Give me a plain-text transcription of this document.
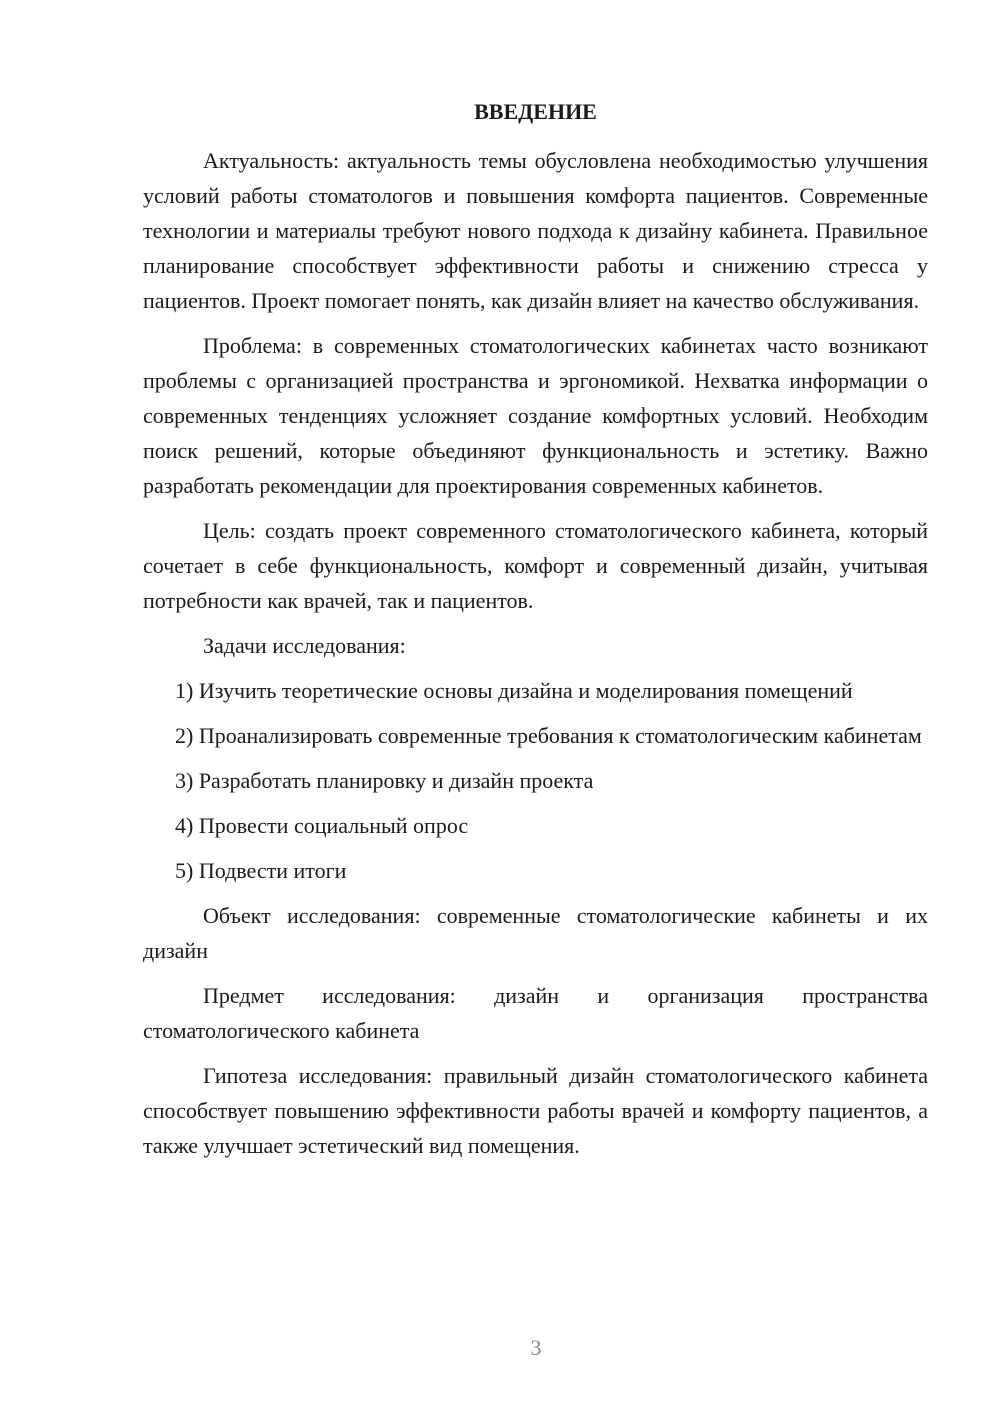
ВВЕДЕНИЕ

Актуальность: актуальность темы обусловлена необходимостью улучшения условий работы стоматологов и повышения комфорта пациентов. Современные технологии и материалы требуют нового подхода к дизайну кабинета. Правильное планирование способствует эффективности работы и снижению стресса у пациентов. Проект помогает понять, как дизайн влияет на качество обслуживания.

Проблема: в современных стоматологических кабинетах часто возникают проблемы с организацией пространства и эргономикой. Нехватка информации о современных тенденциях усложняет создание комфортных условий. Необходим поиск решений, которые объединяют функциональность и эстетику. Важно разработать рекомендации для проектирования современных кабинетов.

Цель: создать проект современного стоматологического кабинета, который сочетает в себе функциональность, комфорт и современный дизайн, учитывая потребности как врачей, так и пациентов.

Задачи исследования:

1) Изучить теоретические основы дизайна и моделирования помещений

2) Проанализировать современные требования к стоматологическим кабинетам

3) Разработать планировку и дизайн проекта

4) Провести социальный опрос

5) Подвести итоги

Объект исследования: современные стоматологические кабинеты и их дизайн

Предмет исследования: дизайн и организация пространства стоматологического кабинета

Гипотеза исследования: правильный дизайн стоматологического кабинета способствует повышению эффективности работы врачей и комфорту пациентов, а также улучшает эстетический вид помещения.

3
